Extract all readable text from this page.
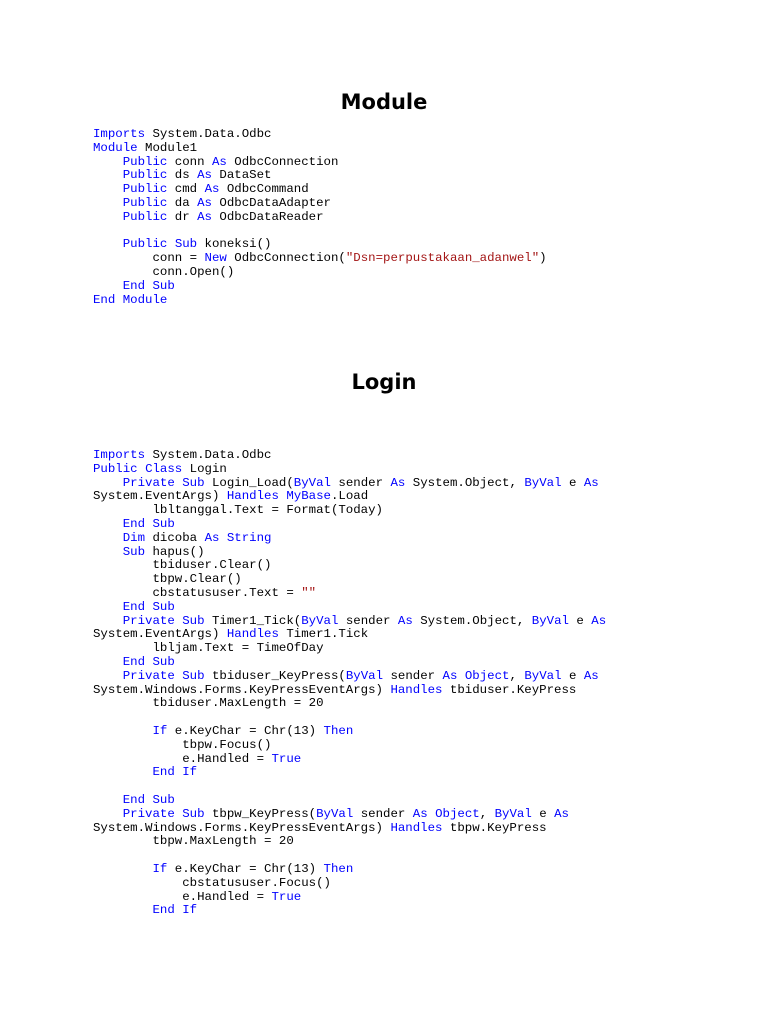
Module
Imports System.Data.Odbc
Module Module1
Public conn As OdbcConnection
Public ds As DataSet
Public cmd As OdbcCommand
Public da As OdbcDataAdapter
Public dr As OdbcDataReader
Public Sub koneksi()
conn = New OdbcConnection("Dsn=perpustakaan_adanwel")
conn.Open()
End Sub
End Module
Login
Imports System.Data.Odbc
Public Class Login
Private Sub Login_Load(ByVal sender As System.Object, ByVal e As
System.EventArgs) Handles MyBase.Load
lbltanggal.Text = Format(Today)
End Sub
Dim dicoba As String
Sub hapus()
tbiduser.Clear()
tbpw.Clear()
cbstatususer.Text = ""
End Sub
Private Sub Timer1_Tick(ByVal sender As System.Object, ByVal e As
System.EventArgs) Handles Timer1.Tick
lbljam.Text = TimeOfDay
End Sub
Private Sub tbiduser_KeyPress(ByVal sender As Object, ByVal e As
System.Windows.Forms.KeyPressEventArgs) Handles tbiduser.KeyPress
tbiduser.MaxLength = 20
If e.KeyChar = Chr(13) Then
tbpw.Focus()
e.Handled = True
End If
End Sub
Private Sub tbpw_KeyPress(ByVal sender As Object, ByVal e As
System.Windows.Forms.KeyPressEventArgs) Handles tbpw.KeyPress
tbpw.MaxLength = 20
If e.KeyChar = Chr(13) Then
cbstatususer.Focus()
e.Handled = True
End If
